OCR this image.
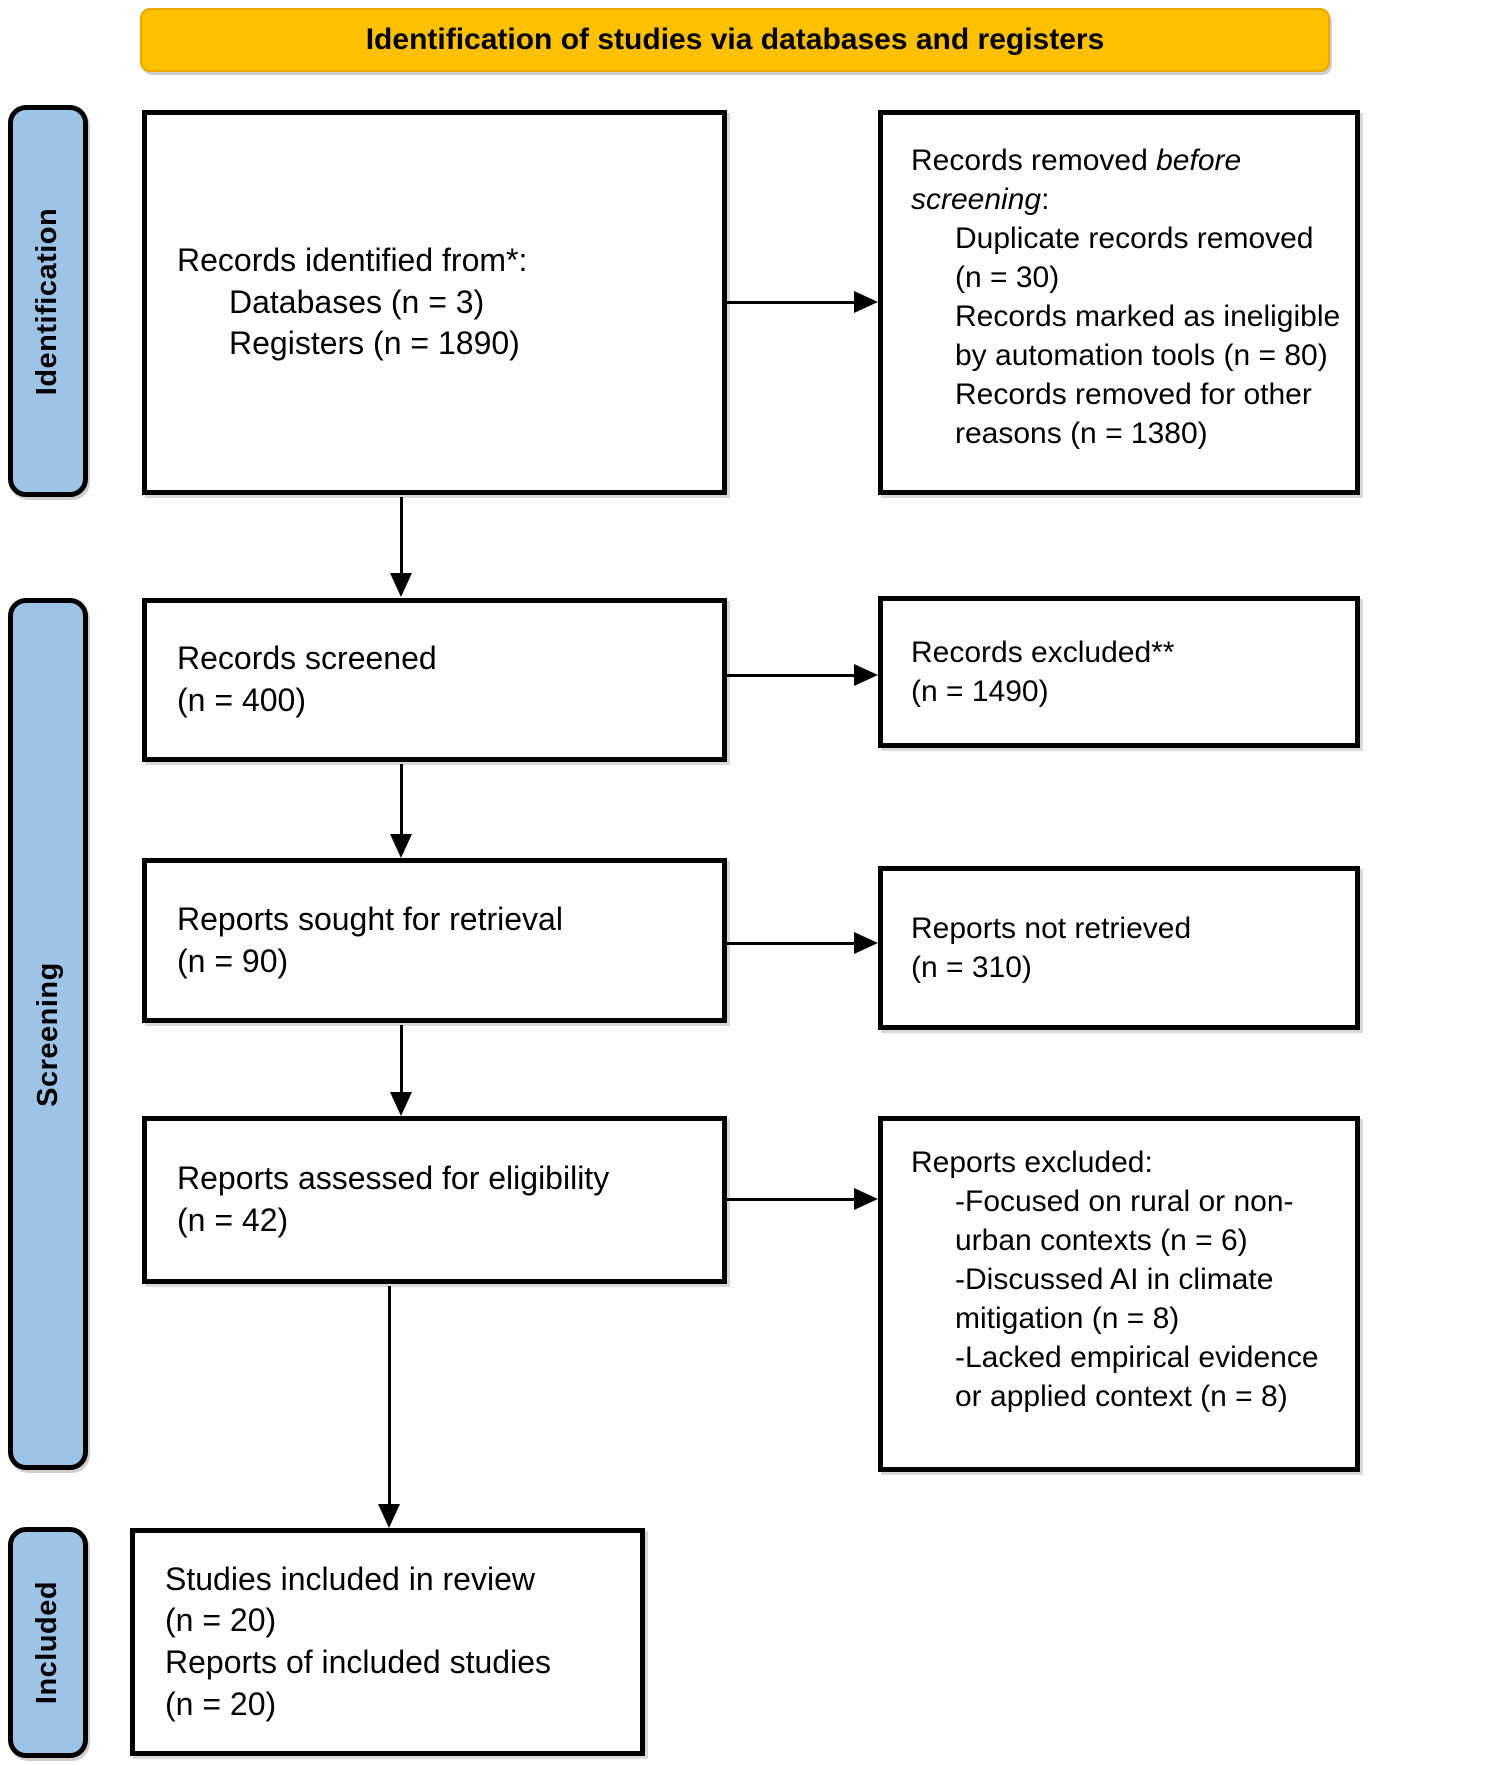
Identification of studies via databases and registers
Identification
Screening
Included
Records identified from*:
Databases (n = 3)
Registers (n = 1890)
Records removed before screening:
Duplicate records removed (n = 30)
Records marked as ineligible by automation tools (n = 80)
Records removed for other reasons (n = 1380)
Records screened
(n = 400)
Records excluded**
(n = 1490)
Reports sought for retrieval
(n = 90)
Reports not retrieved
(n = 310)
Reports assessed for eligibility
(n = 42)
Reports excluded:
-Focused on rural or non-urban contexts (n = 6)
-Discussed AI in climate mitigation (n = 8)
-Lacked empirical evidence or applied context (n = 8)
Studies included in review
(n = 20)
Reports of included studies
(n = 20)
